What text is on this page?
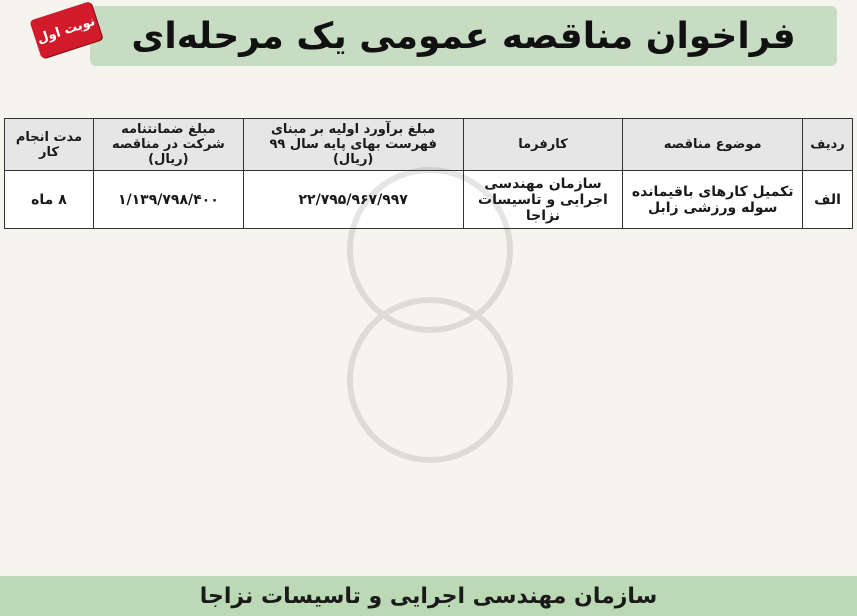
فراخوان مناقصه عمومی یک مرحله‌ای
نوبت اول
ردیف	موضوع مناقصه	کارفرما	مبلغ برآورد اولیه بر مبنای فهرست بهای پایه سال ۹۹ (ریال)	مبلغ ضمانتنامه شرکت در مناقصه (ریال)	مدت انجام کار
الف	تکمیل کارهای باقیمانده سوله ورزشی زابل	سازمان مهندسی اجرایی و تاسیسات نزاجا	۲۲/۷۹۵/۹۶۷/۹۹۷	۱/۱۳۹/۷۹۸/۴۰۰	۸ ماه
سازمان مهندسی اجرایی و تاسیسات نزاجا
